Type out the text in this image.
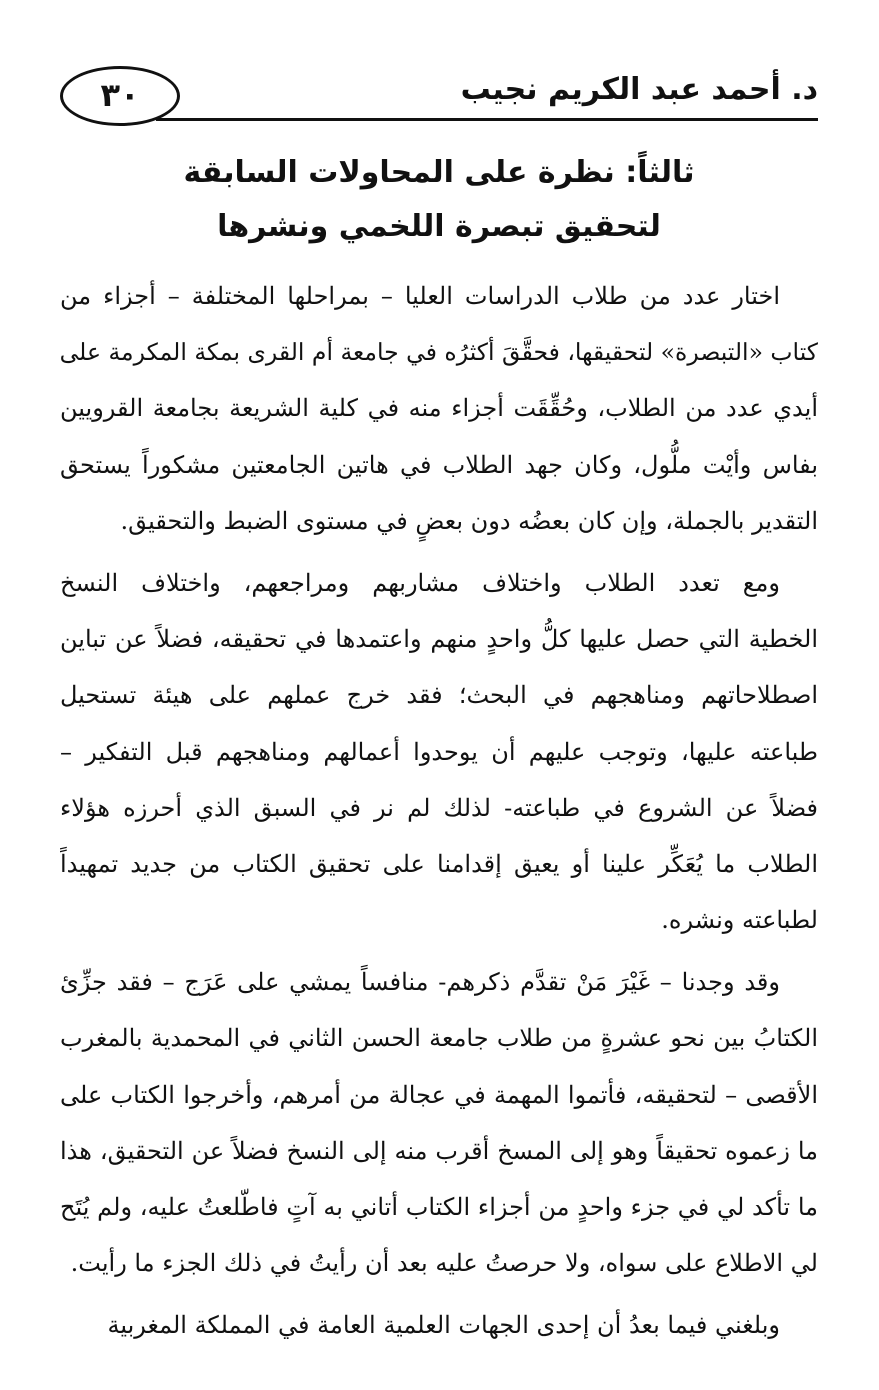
د. أحمد عبد الكريم نجيب
٣٠
ثالثاً: نظرة على المحاولات السابقة
لتحقيق تبصرة اللخمي ونشرها
اختار عدد من طلاب الدراسات العليا – بمراحلها المختلفة – أجزاء من
كتاب «التبصرة» لتحقيقها، فحقَّقَ أكثرُه في جامعة أم القرى بمكة المكرمة على
أيدي عدد من الطلاب، وحُقِّقَت أجزاء منه في كلية الشريعة بجامعة القرويين
بفاس وأيْت ملُّول، وكان جهد الطلاب في هاتين الجامعتين مشكوراً يستحق
التقدير بالجملة، وإن كان بعضُه دون بعضٍ في مستوى الضبط والتحقيق.
ومع تعدد الطلاب واختلاف مشاربهم ومراجعهم، واختلاف النسخ
الخطية التي حصل عليها كلُّ واحدٍ منهم واعتمدها في تحقيقه، فضلاً عن تباين
اصطلاحاتهم ومناهجهم في البحث؛ فقد خرج عملهم على هيئة تستحيل
طباعته عليها، وتوجب عليهم أن يوحدوا أعمالهم ومناهجهم قبل التفكير –
فضلاً عن الشروع في طباعته- لذلك لم نر في السبق الذي أحرزه هؤلاء
الطلاب ما يُعَكِّر علينا أو يعيق إقدامنا على تحقيق الكتاب من جديد تمهيداً
لطباعته ونشره.
وقد وجدنا – غَيْرَ مَنْ تقدَّم ذكرهم- منافساً يمشي على عَرَج – فقد جزِّئ
الكتابُ بين نحو عشرةٍ من طلاب جامعة الحسن الثاني في المحمدية بالمغرب
الأقصى – لتحقيقه، فأتموا المهمة في عجالة من أمرهم، وأخرجوا الكتاب على
ما زعموه تحقيقاً وهو إلى المسخ أقرب منه إلى النسخ فضلاً عن التحقيق، هذا
ما تأكد لي في جزء واحدٍ من أجزاء الكتاب أتاني به آتٍ فاطّلعتُ عليه، ولم يُتَح
لي الاطلاع على سواه، ولا حرصتُ عليه بعد أن رأيتُ في ذلك الجزء ما رأيت.
وبلغني فيما بعدُ أن إحدى الجهات العلمية العامة في المملكة المغربية
